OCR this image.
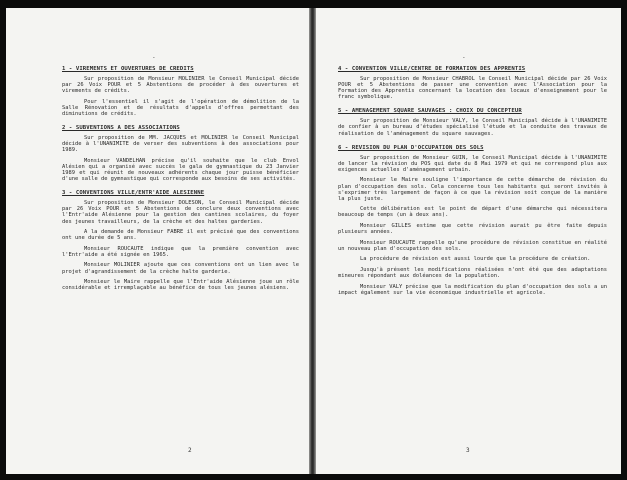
-
1 - VIREMENTS ET OUVERTURES DE CREDITS

Sur proposition de Monsieur MOLINIER le Conseil Municipal décide par 26 Voix POUR et 5 Abstentions de procéder à des ouvertures et virements de crédits.

Pour l'essentiel il s'agit de l'opération de démolition de la Salle Rénovation et de résultats d'appels d'offres permettant des diminutions de crédits.

2 - SUBVENTIONS A DES ASSOCIATIONS

Sur proposition de MM. JACQUES et MOLINIER le Conseil Municipal décide à l'UNANIMITE de verser des subventions à des associations pour 1989.

Monsieur VANDELHAN précise qu'il souhaite que le club Envol Alésien qui a organisé avec succès le gala de gymnastique du 23 Janvier 1989 et qui réunit de nouveaux adhérents chaque jour puisse bénéficier d'une salle de gymnastique qui corresponde aux besoins de ses activités.

3 - CONVENTIONS VILLE/ENTR'AIDE ALESIENNE

Sur proposition de Monsieur DOLESON, le Conseil Municipal décide par 26 Voix POUR et 5 Abstentions de conclure deux conventions avec l'Entr'aide Alésienne pour la gestion des cantines scolaires, du foyer des jeunes travailleurs, de la crèche et des haltes garderies.

A la demande de Monsieur FABRE il est précisé que des conventions ont une durée de 5 ans.

Monsieur ROUCAUTE indique que la première convention avec l'Entr'aide a été signée en 1965.

Monsieur MOLINIER ajoute que ces conventions ont un lien avec le projet d'agrandissement de la crèche halte garderie.

Monsieur le Maire rappelle que l'Entr'aide Alésienne joue un rôle considérable et irremplaçable au bénéfice de tous les jeunes alésiens.

2
-
4 - CONVENTION VILLE/CENTRE DE FORMATION DES APPRENTIS

Sur proposition de Monsieur CHABROL le Conseil Municipal décide par 26 Voix POUR et 5 Abstentions de passer une convention avec l'Association pour la Formation des Apprentis concernant la location des locaux d'enseignement pour le franc symbolique.

5 - AMENAGEMENT SQUARE SAUVAGES : CHOIX DU CONCEPTEUR

Sur proposition de Monsieur VALY, le Conseil Municipal décide à l'UNANIMITE de confier à un bureau d'études spécialisé l'étude et la conduite des travaux de réalisation de l'aménagement du square sauvages.

6 - REVISION DU PLAN D'OCCUPATION DES SOLS

Sur proposition de Monsieur GUIN, le Conseil Municipal décide à l'UNANIMITE de lancer la révision du POS qui date du 8 Mai 1979 et qui ne correspond plus aux exigences actuelles d'aménagement urbain.

Monsieur le Maire souligne l'importance de cette démarche de révision du plan d'occupation des sols. Cela concerne tous les habitants qui seront invités à s'exprimer très largement de façon à ce que la révision soit conçue de la manière la plus juste.

Cette délibération est le point de départ d'une démarche qui nécessitera beaucoup de temps (un à deux ans).

Monsieur GILLES estime que cette révision aurait pu être faite depuis plusieurs années.

Monsieur ROUCAUTE rappelle qu'une procédure de révision constitue en réalité un nouveau plan d'occupation des sols.

La procédure de révision est aussi lourde que la procédure de création.

Jusqu'à présent les modifications réalisées n'ont été que des adaptations mineures répondant aux doléances de la population.

Monsieur VALY précise que la modification du plan d'occupation des sols a un impact également sur la vie économique industrielle et agricole.

3
